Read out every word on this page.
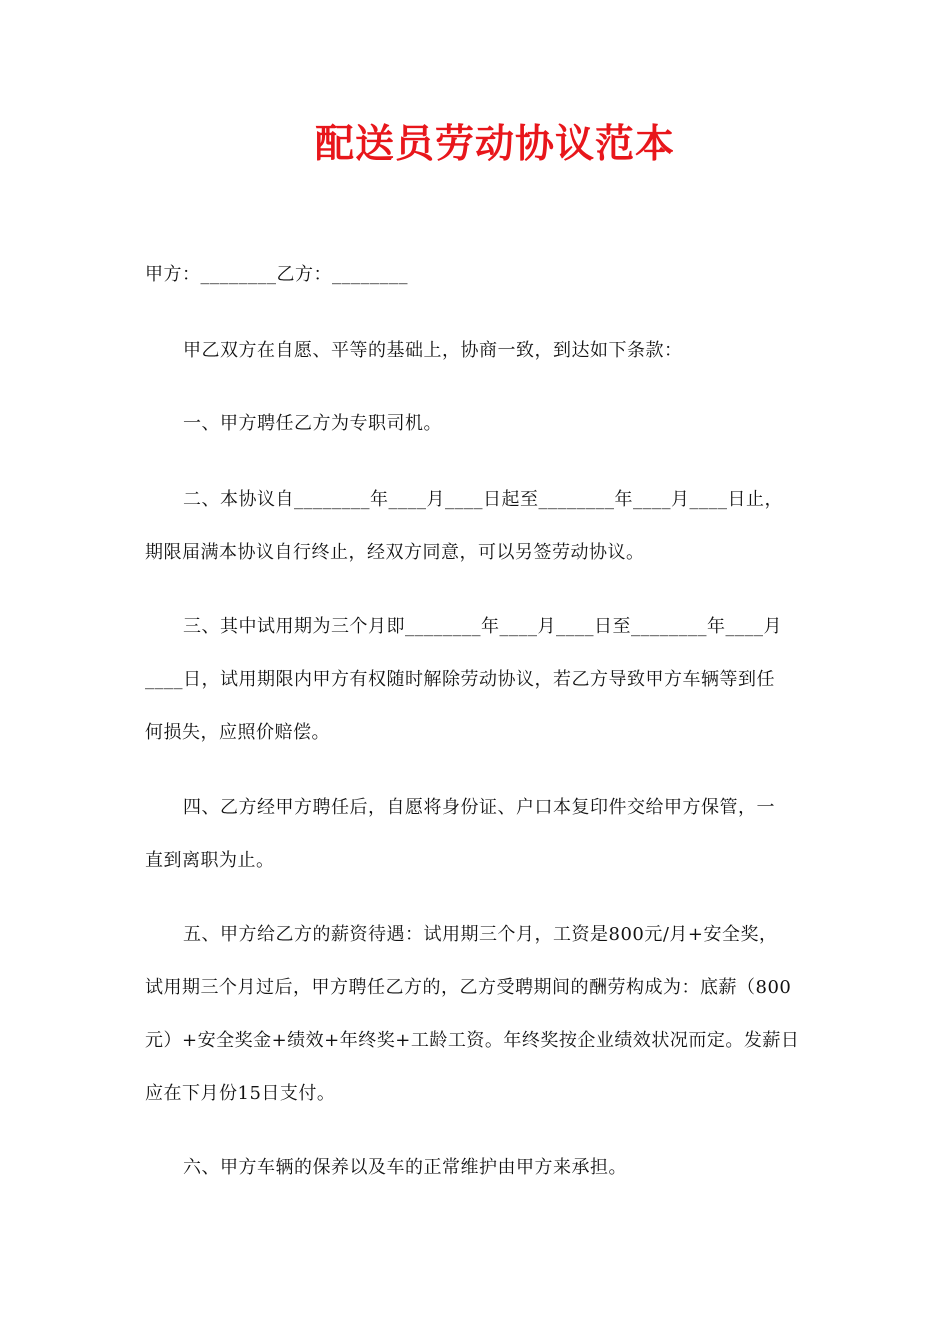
配送员劳动协议范本
甲方：________乙方：________
甲乙双方在自愿、平等的基础上，协商一致，到达如下条款：
一、甲方聘任乙方为专职司机。
二、本协议自________年____月____日起至________年____月____日止，
期限届满本协议自行终止，经双方同意，可以另签劳动协议。
三、其中试用期为三个月即________年____月____日至________年____月
____日，试用期限内甲方有权随时解除劳动协议，若乙方导致甲方车辆等到任
何损失，应照价赔偿。
四、乙方经甲方聘任后，自愿将身份证、户口本复印件交给甲方保管，一
直到离职为止。
五、甲方给乙方的薪资待遇：试用期三个月，工资是800元/月+安全奖，
试用期三个月过后，甲方聘任乙方的，乙方受聘期间的酬劳构成为：底薪（800
元）+安全奖金+绩效+年终奖+工龄工资。年终奖按企业绩效状况而定。发薪日
应在下月份15日支付。
六、甲方车辆的保养以及车的正常维护由甲方来承担。
